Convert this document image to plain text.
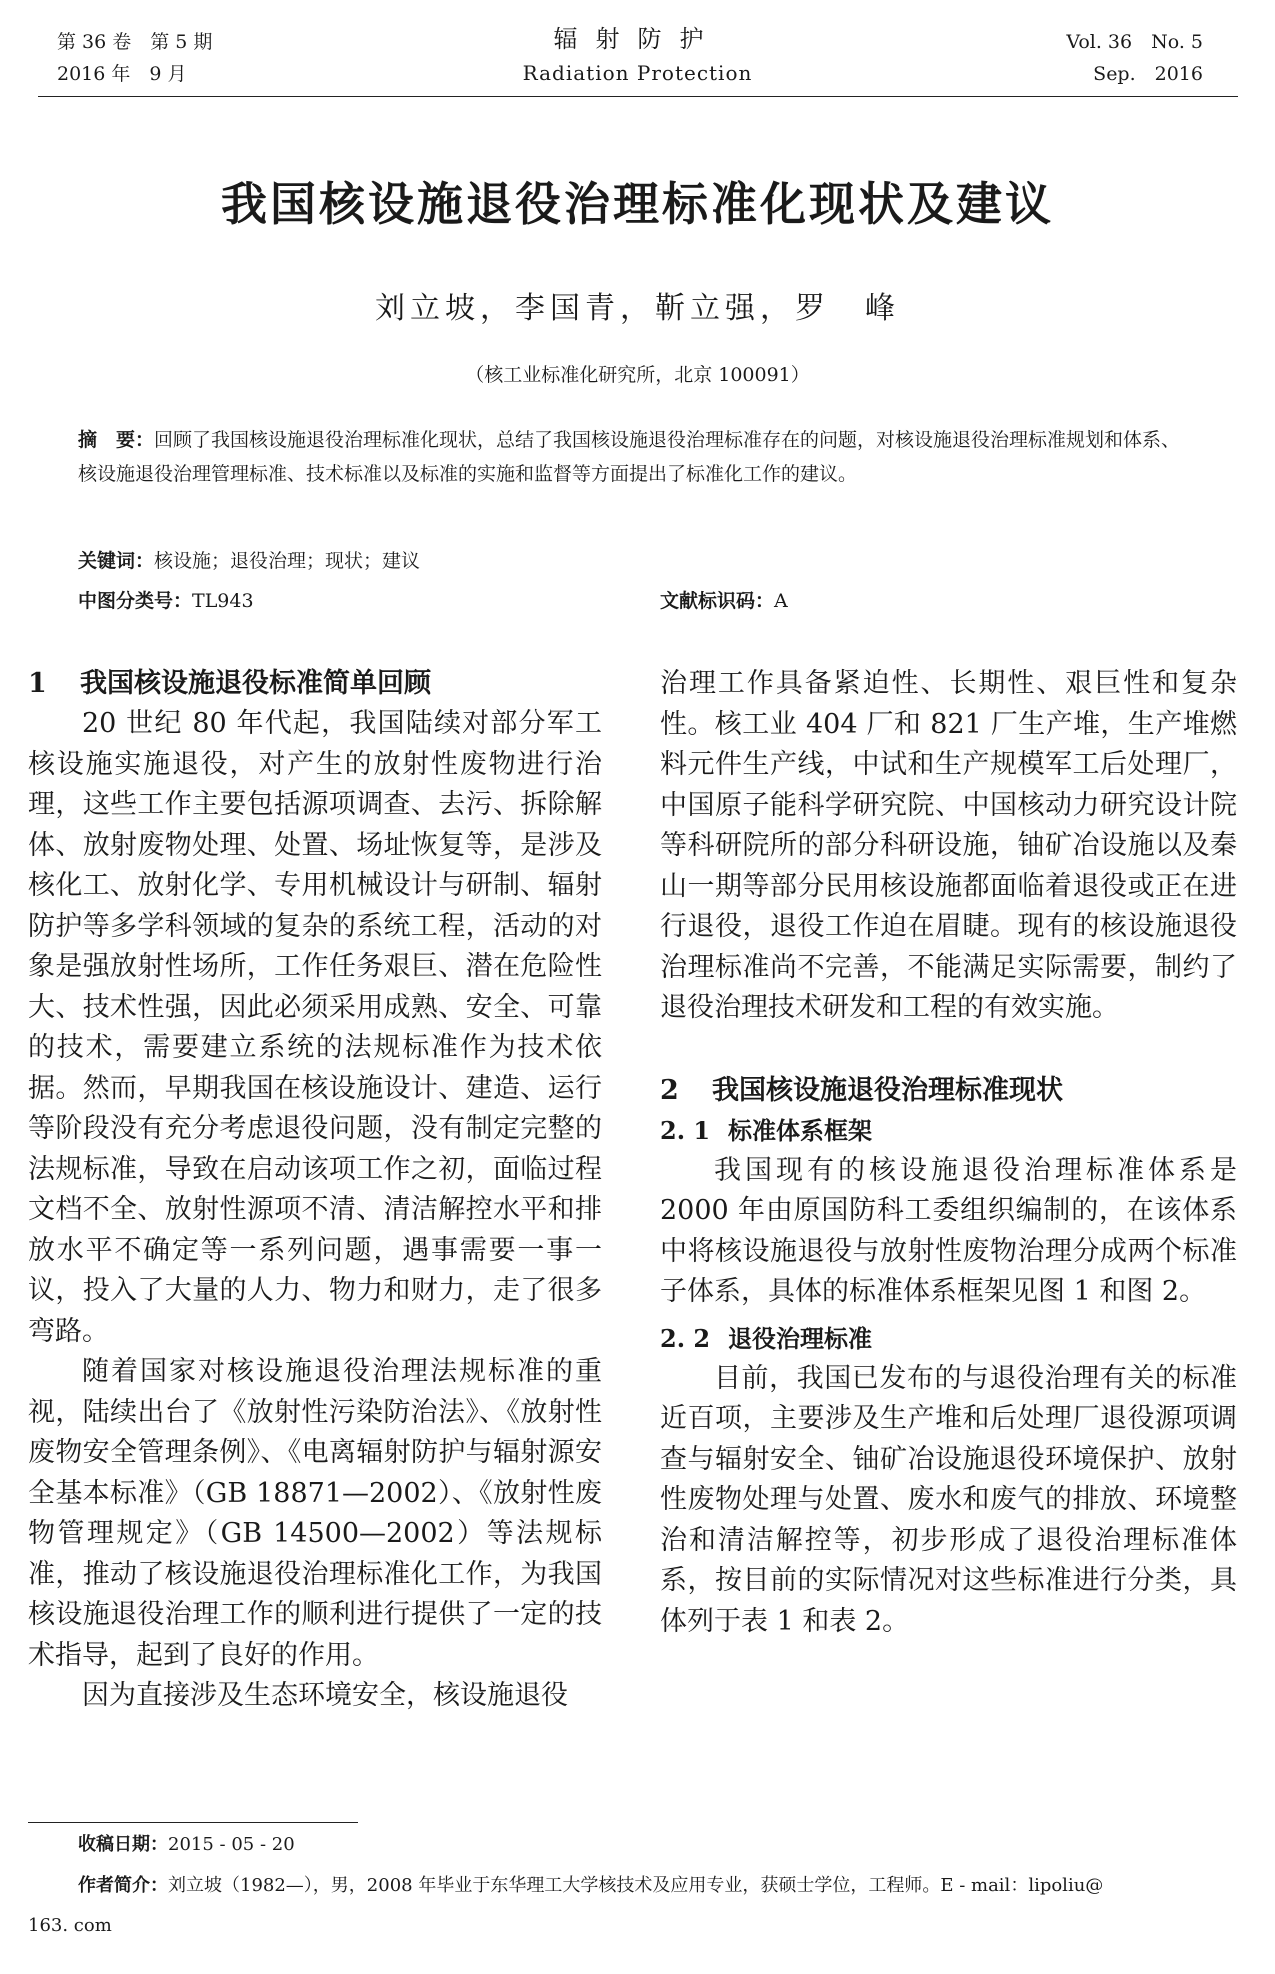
第 36 卷　第 5 期
2016 年　9 月
辐射防护
Radiation Protection
Vol. 36　No. 5
Sep.　2016
我国核设施退役治理标准化现状及建议
刘立坡，李国青，靳立强，罗　峰
（核工业标准化研究所，北京 100091）
摘　要：回顾了我国核设施退役治理标准化现状，总结了我国核设施退役治理标准存在的问题，对核设施退役治理标准规划和体系、核设施退役治理管理标准、技术标准以及标准的实施和监督等方面提出了标准化工作的建议。
关键词：核设施；退役治理；现状；建议
中图分类号：TL943	文献标识码：A
1 我国核设施退役标准简单回顾

20 世纪 80 年代起，我国陆续对部分军工核设施实施退役，对产生的放射性废物进行治理，这些工作主要包括源项调查、去污、拆除解体、放射废物处理、处置、场址恢复等，是涉及核化工、放射化学、专用机械设计与研制、辐射防护等多学科领域的复杂的系统工程，活动的对象是强放射性场所，工作任务艰巨、潜在危险性大、技术性强，因此必须采用成熟、安全、可靠的技术，需要建立系统的法规标准作为技术依据。然而，早期我国在核设施设计、建造、运行等阶段没有充分考虑退役问题，没有制定完整的法规标准，导致在启动该项工作之初，面临过程文档不全、放射性源项不清、清洁解控水平和排放水平不确定等一系列问题，遇事需要一事一议，投入了大量的人力、物力和财力，走了很多弯路。

随着国家对核设施退役治理法规标准的重视，陆续出台了《放射性污染防治法》、《放射性废物安全管理条例》、《电离辐射防护与辐射源安全基本标准》（GB 18871—2002）、《放射性废物管理规定》（GB 14500—2002）等法规标准，推动了核设施退役治理标准化工作，为我国核设施退役治理工作的顺利进行提供了一定的技术指导，起到了良好的作用。

因为直接涉及生态环境安全，核设施退役

治理工作具备紧迫性、长期性、艰巨性和复杂性。核工业 404 厂和 821 厂生产堆，生产堆燃料元件生产线，中试和生产规模军工后处理厂，中国原子能科学研究院、中国核动力研究设计院等科研院所的部分科研设施，铀矿冶设施以及秦山一期等部分民用核设施都面临着退役或正在进行退役，退役工作迫在眉睫。现有的核设施退役治理标准尚不完善，不能满足实际需要，制约了退役治理技术研发和工程的有效实施。

2 我国核设施退役治理标准现状
2. 1 标准体系框架

我国现有的核设施退役治理标准体系是 2000 年由原国防科工委组织编制的，在该体系中将核设施退役与放射性废物治理分成两个标准子体系，具体的标准体系框架见图 1 和图 2。

2. 2 退役治理标准

目前，我国已发布的与退役治理有关的标准近百项，主要涉及生产堆和后处理厂退役源项调查与辐射安全、铀矿冶设施退役环境保护、放射性废物处理与处置、废水和废气的排放、环境整治和清洁解控等，初步形成了退役治理标准体系，按目前的实际情况对这些标准进行分类，具体列于表 1 和表 2。

收稿日期：2015 - 05 - 20
作者简介：刘立坡（1982—），男，2008 年毕业于东华理工大学核技术及应用专业，获硕士学位，工程师。E - mail：lipoliu@
163. com
